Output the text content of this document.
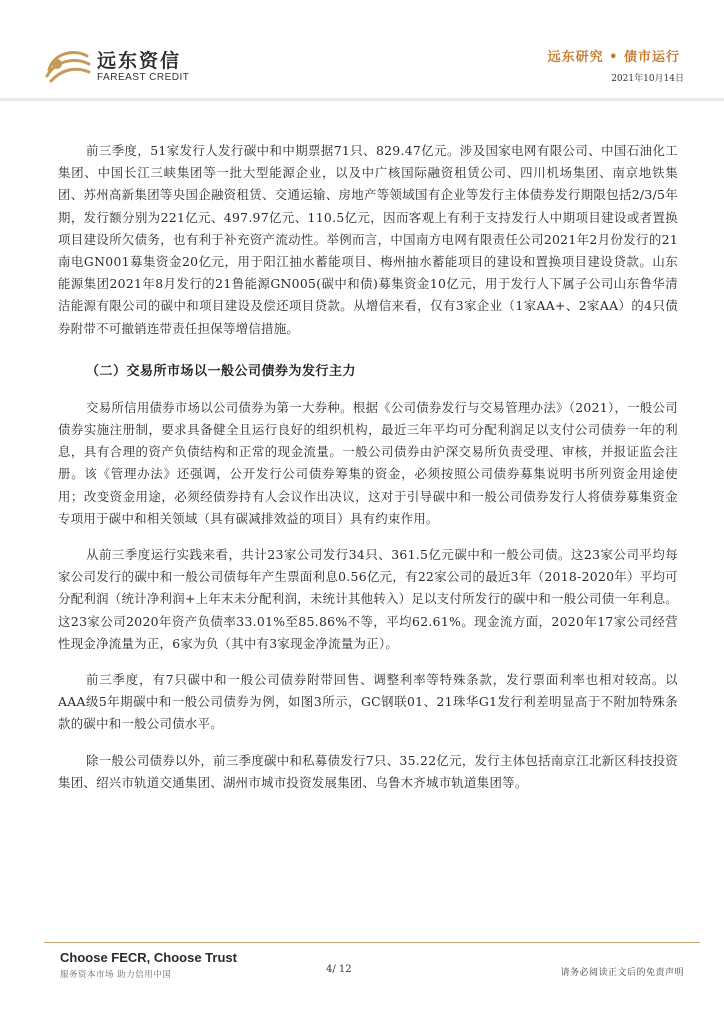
远东资信
FAREAST CREDIT
远东研究 • 债市运行
2021年10月14日

前三季度，51家发行人发行碳中和中期票据71只、829.47亿元。涉及国家电网有限公司、中国石油化工集团、中国长江三峡集团等一批大型能源企业，以及中广核国际融资租赁公司、四川机场集团、南京地铁集团、苏州高新集团等央国企融资租赁、交通运输、房地产等领域国有企业等发行主体债券发行期限包括2/3/5年期，发行额分别为221亿元、497.97亿元、110.5亿元，因而客观上有利于支持发行人中期项目建设或者置换项目建设所欠债务，也有利于补充资产流动性。举例而言，中国南方电网有限责任公司2021年2月份发行的21南电GN001募集资金20亿元，用于阳江抽水蓄能项目、梅州抽水蓄能项目的建设和置换项目建设贷款。山东能源集团2021年8月发行的21鲁能源GN005(碳中和债)募集资金10亿元，用于发行人下属子公司山东鲁华清洁能源有限公司的碳中和项目建设及偿还项目贷款。从增信来看，仅有3家企业（1家AA+、2家AA）的4只债券附带不可撤销连带责任担保等增信措施。

（二）交易所市场以一般公司债券为发行主力

交易所信用债券市场以公司债券为第一大券种。根据《公司债券发行与交易管理办法》（2021），一般公司债券实施注册制，要求具备健全且运行良好的组织机构，最近三年平均可分配利润足以支付公司债券一年的利息，具有合理的资产负债结构和正常的现金流量。一般公司债券由沪深交易所负责受理、审核，并报证监会注册。该《管理办法》还强调，公开发行公司债券筹集的资金，必须按照公司债券募集说明书所列资金用途使用；改变资金用途，必须经债券持有人会议作出决议，这对于引导碳中和一般公司债券发行人将债券募集资金专项用于碳中和相关领域（具有碳减排效益的项目）具有约束作用。

从前三季度运行实践来看，共计23家公司发行34只、361.5亿元碳中和一般公司债。这23家公司平均每家公司发行的碳中和一般公司债每年产生票面利息0.56亿元，有22家公司的最近3年（2018-2020年）平均可分配利润（统计净利润+上年末未分配利润，未统计其他转入）足以支付所发行的碳中和一般公司债一年利息。这23家公司2020年资产负债率33.01%至85.86%不等，平均62.61%。现金流方面，2020年17家公司经营性现金净流量为正，6家为负（其中有3家现金净流量为正）。

前三季度，有7只碳中和一般公司债券附带回售、调整利率等特殊条款，发行票面利率也相对较高。以AAA级5年期碳中和一般公司债券为例，如图3所示，GC钢联01、21珠华G1发行利差明显高于不附加特殊条款的碳中和一般公司债水平。

除一般公司债券以外，前三季度碳中和私募债发行7只、35.22亿元，发行主体包括南京江北新区科技投资集团、绍兴市轨道交通集团、湖州市城市投资发展集团、乌鲁木齐城市轨道集团等。

Choose FECR, Choose Trust
服务资本市场 助力信用中国	4/ 12	请务必阅读正文后的免责声明
